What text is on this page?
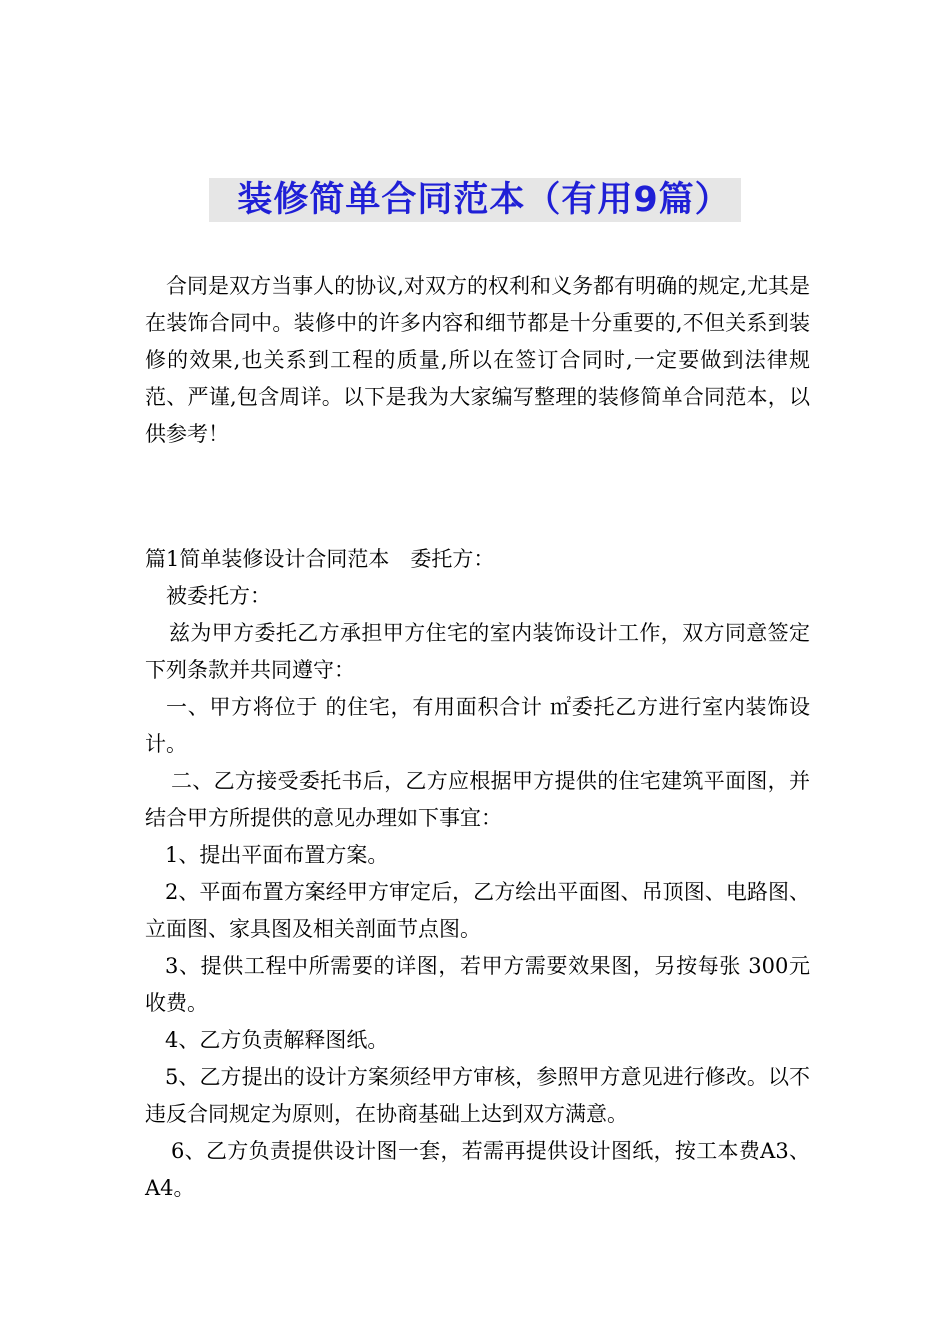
装修简单合同范本（有用9篇）

合同是双方当事人的协议,对双方的权利和义务都有明确的规定,尤其是在装饰合同中。装修中的许多内容和细节都是十分重要的,不但关系到装修的效果,也关系到工程的质量,所以在签订合同时,一定要做到法律规范、严谨,包含周详。以下是我为大家编写整理的装修简单合同范本，以供参考！

篇1简单装修设计合同范本　委托方：

被委托方：

兹为甲方委托乙方承担甲方住宅的室内装饰设计工作，双方同意签定下列条款并共同遵守：

一、甲方将位于 的住宅，有用面积合计 ㎡委托乙方进行室内装饰设计。

二、乙方接受委托书后，乙方应根据甲方提供的住宅建筑平面图，并结合甲方所提供的意见办理如下事宜：

1、提出平面布置方案。

2、平面布置方案经甲方审定后，乙方绘出平面图、吊顶图、电路图、立面图、家具图及相关剖面节点图。

3、提供工程中所需要的详图，若甲方需要效果图，另按每张 300元收费。

4、乙方负责解释图纸。

5、乙方提出的设计方案须经甲方审核，参照甲方意见进行修改。以不违反合同规定为原则，在协商基础上达到双方满意。

6、乙方负责提供设计图一套，若需再提供设计图纸，按工本费A3、A4。
